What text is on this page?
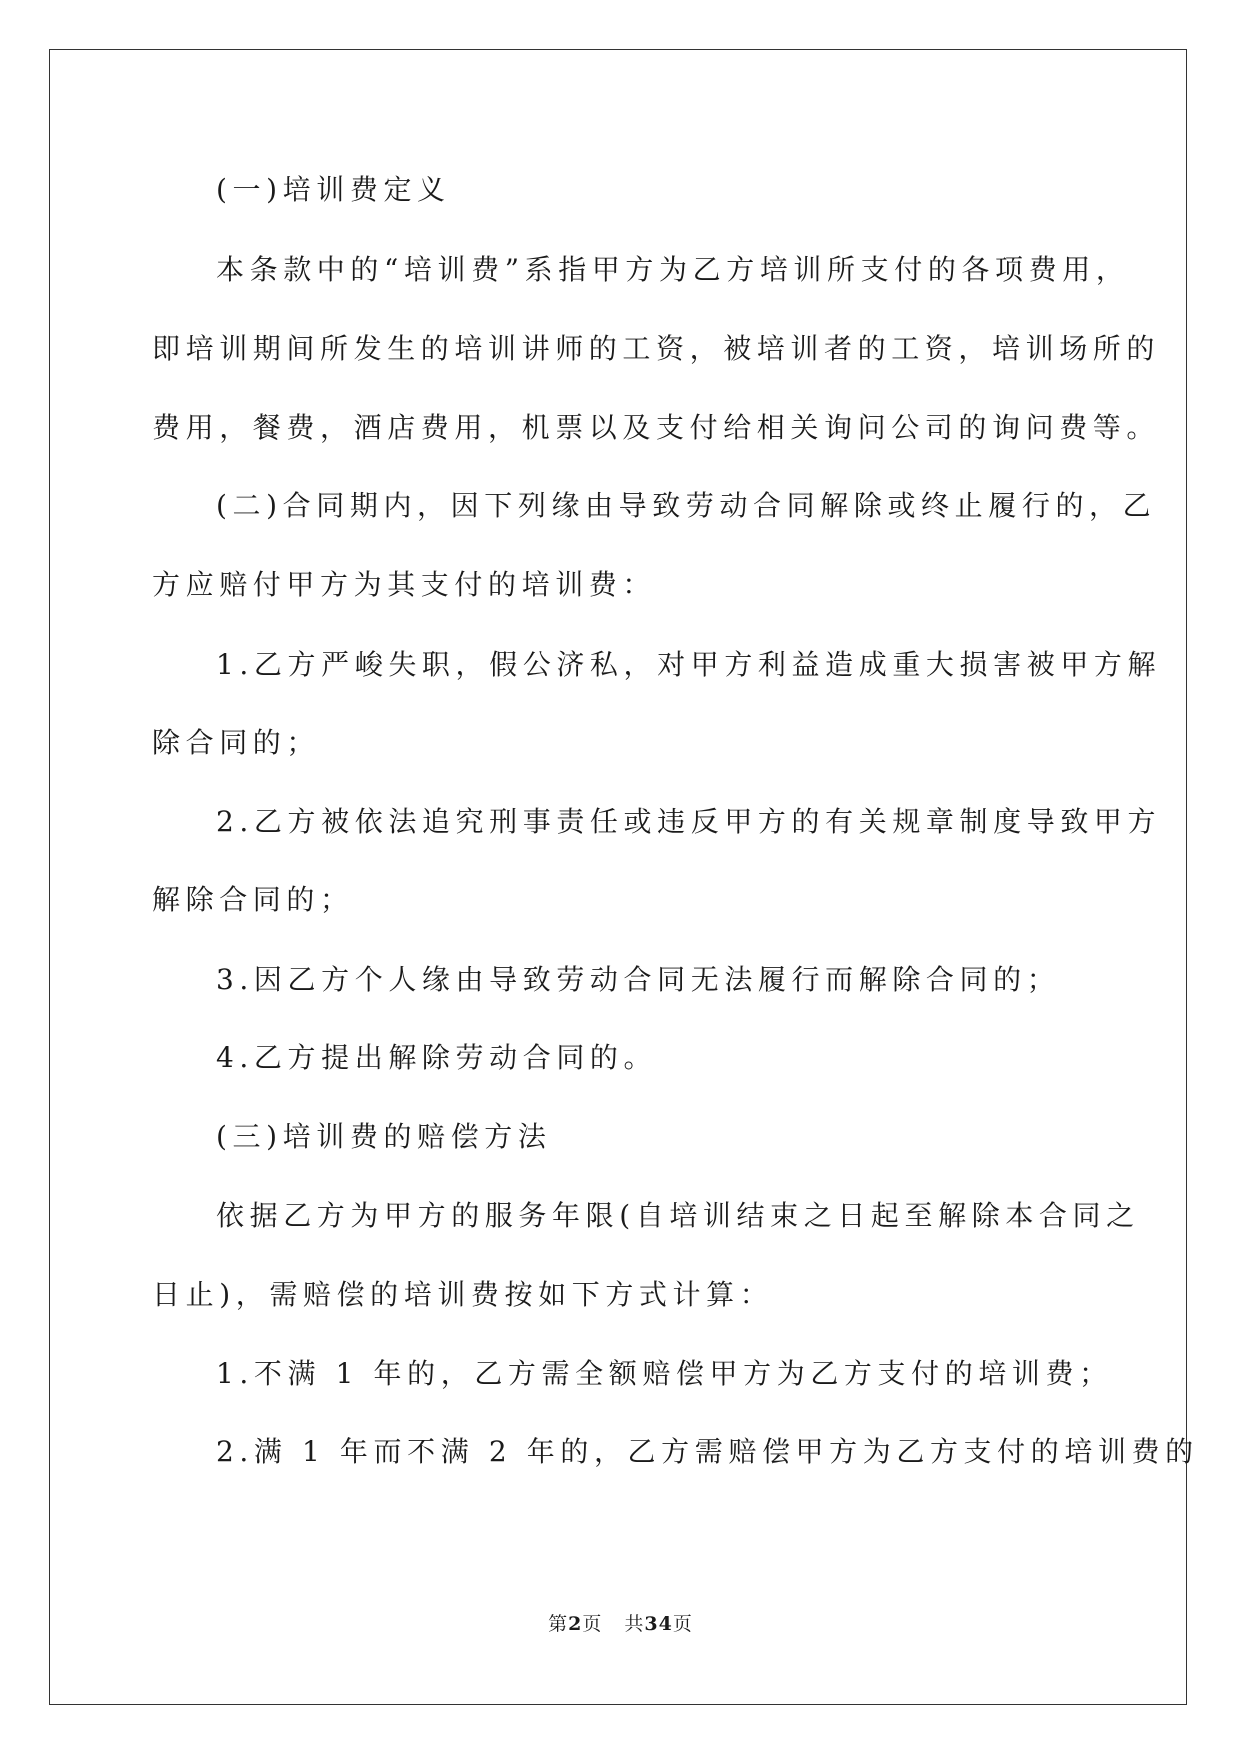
(一)培训费定义

本条款中的“培训费”系指甲方为乙方培训所支付的各项费用，

即培训期间所发生的培训讲师的工资，被培训者的工资，培训场所的

费用，餐费，酒店费用，机票以及支付给相关询问公司的询问费等。

(二)合同期内，因下列缘由导致劳动合同解除或终止履行的，乙

方应赔付甲方为其支付的培训费：

1.乙方严峻失职，假公济私，对甲方利益造成重大损害被甲方解

除合同的；

2.乙方被依法追究刑事责任或违反甲方的有关规章制度导致甲方

解除合同的；

3.因乙方个人缘由导致劳动合同无法履行而解除合同的；

4.乙方提出解除劳动合同的。

(三)培训费的赔偿方法

依据乙方为甲方的服务年限(自培训结束之日起至解除本合同之

日止)，需赔偿的培训费按如下方式计算：

1.不满 1 年的，乙方需全额赔偿甲方为乙方支付的培训费；

2.满 1 年而不满 2 年的，乙方需赔偿甲方为乙方支付的培训费的

第2页 共34页
